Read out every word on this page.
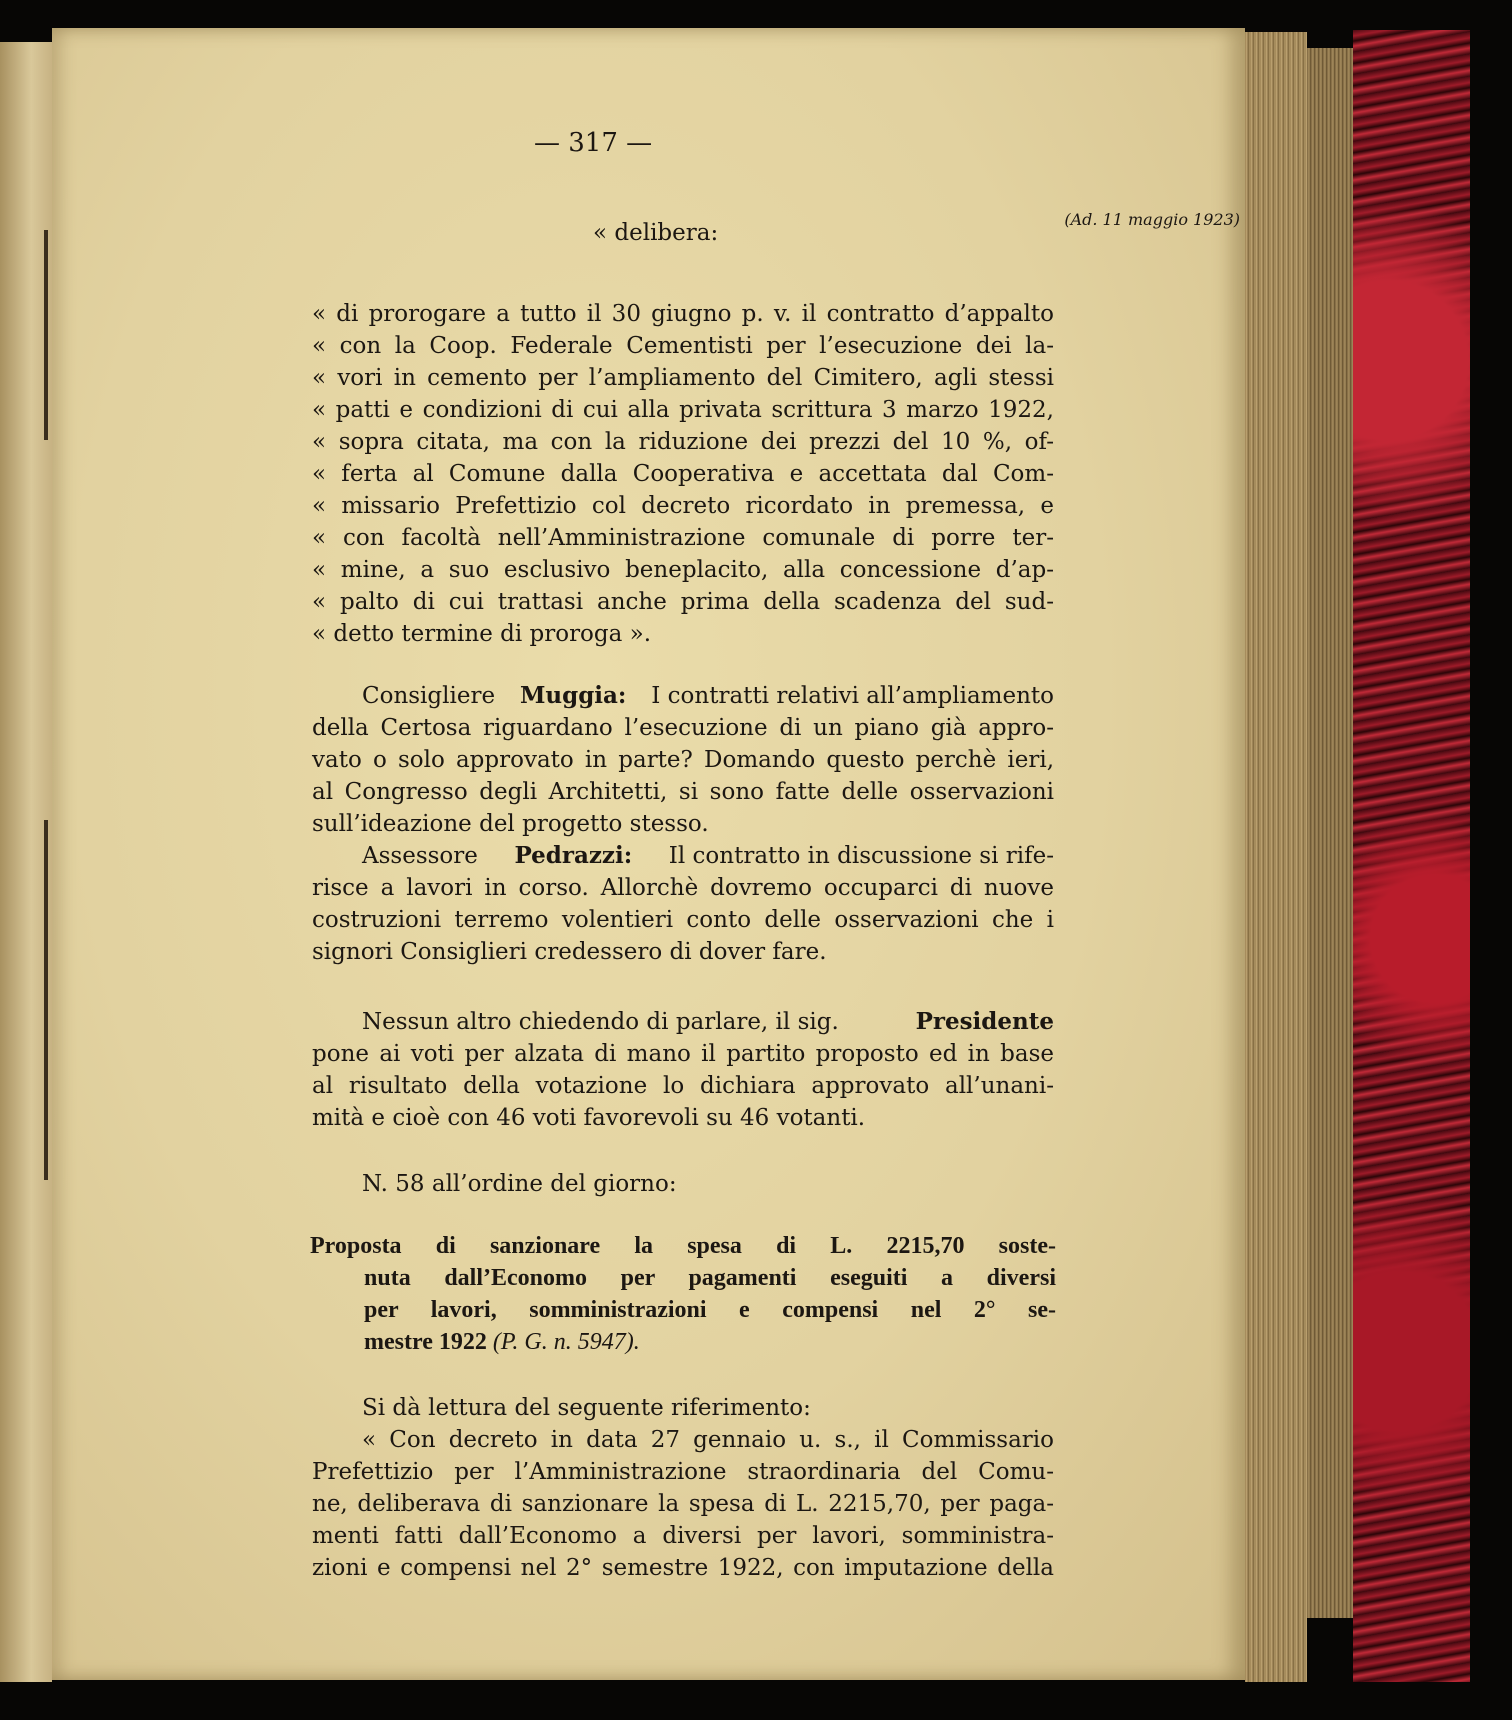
— 317 —
(Ad. 11 maggio 1923)
« delibera:
« di prorogare a tutto il 30 giugno p. v. il contratto d’appalto
« con la Coop. Federale Cementisti per l’esecuzione dei la-
« vori in cemento per l’ampliamento del Cimitero, agli stessi
« patti e condizioni di cui alla privata scrittura 3 marzo 1922,
« sopra citata, ma con la riduzione dei prezzi del 10 %, of-
« ferta al Comune dalla Cooperativa e accettata dal Com-
« missario Prefettizio col decreto ricordato in premessa, e
« con facoltà nell’Amministrazione comunale di porre ter-
« mine, a suo esclusivo beneplacito, alla concessione d’ap-
« palto di cui trattasi anche prima della scadenza del sud-
« detto termine di proroga ».
Consigliere Muggia: I contratti relativi all’ampliamento
della Certosa riguardano l’esecuzione di un piano già appro-
vato o solo approvato in parte? Domando questo perchè ieri,
al Congresso degli Architetti, si sono fatte delle osservazioni
sull’ideazione del progetto stesso.
Assessore Pedrazzi: Il contratto in discussione si rife-
risce a lavori in corso. Allorchè dovremo occuparci di nuove
costruzioni terremo volentieri conto delle osservazioni che i
signori Consiglieri credessero di dover fare.
Nessun altro chiedendo di parlare, il sig.	Presidente
pone ai voti per alzata di mano il partito proposto ed in base
al risultato della votazione lo dichiara approvato all’unani-
mità e cioè con 46 voti favorevoli su 46 votanti.
N. 58 all’ordine del giorno:
Proposta di sanzionare la spesa di L. 2215,70 soste-
nuta dall’Economo per pagamenti eseguiti a diversi
per lavori, somministrazioni e compensi nel 2° se-
mestre 1922 (P. G. n. 5947).
Si dà lettura del seguente riferimento:
« Con decreto in data 27 gennaio u. s., il Commissario
Prefettizio per l’Amministrazione straordinaria del Comu-
ne, deliberava di sanzionare la spesa di L. 2215,70, per paga-
menti fatti dall’Economo a diversi per lavori, somministra-
zioni e compensi nel 2° semestre 1922, con imputazione della
